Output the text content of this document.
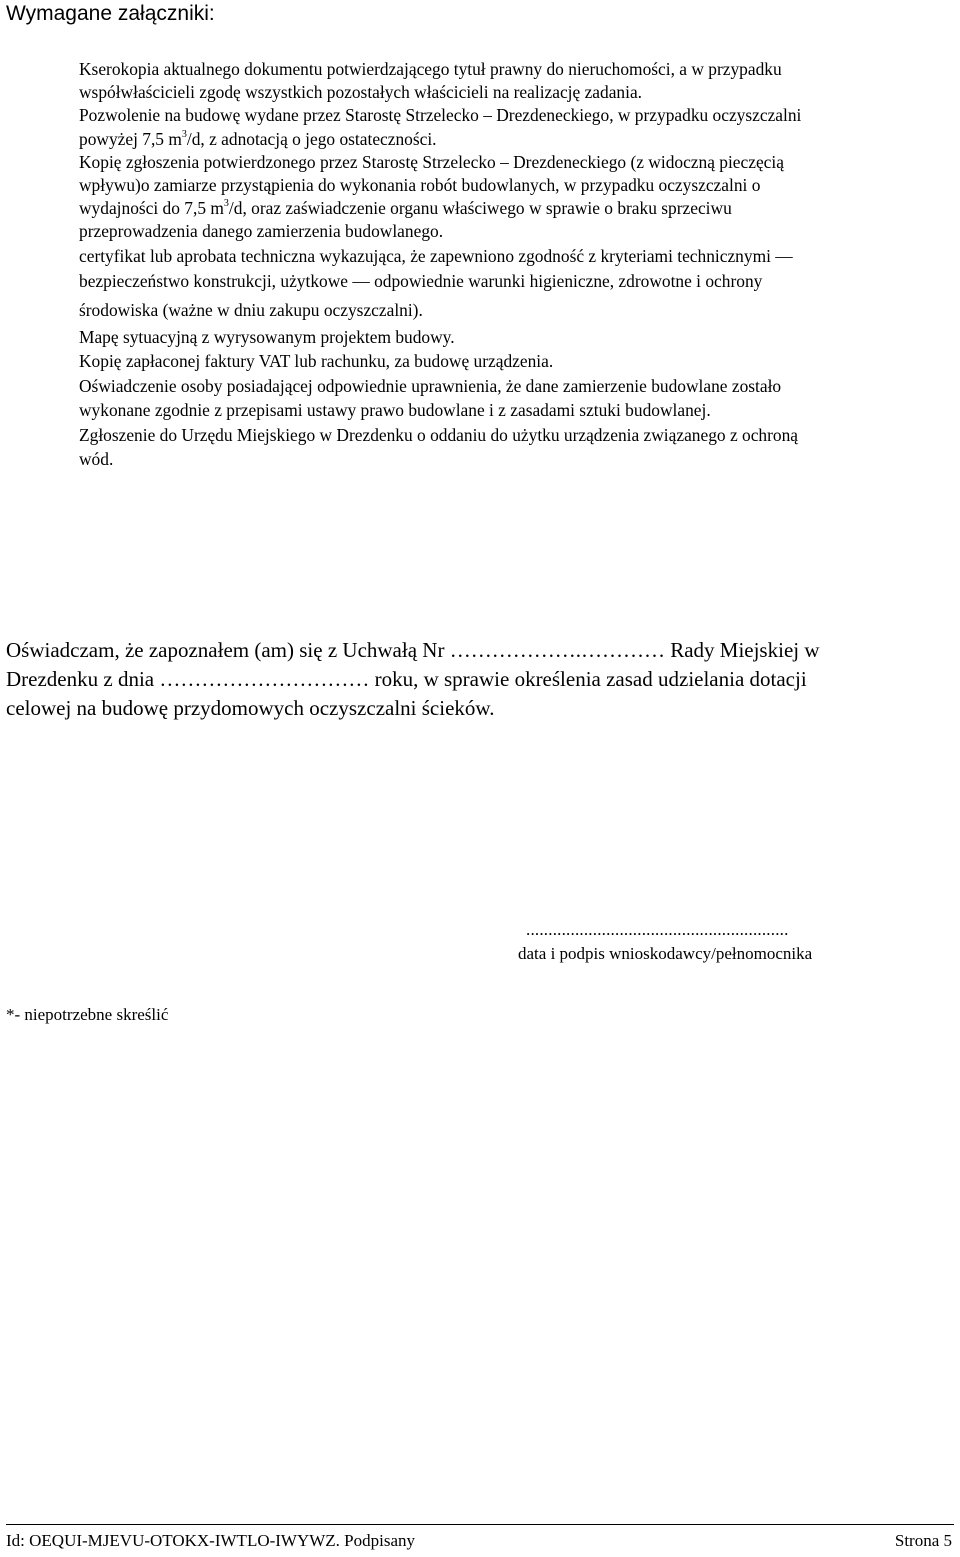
Wymagane załączniki:
Kserokopia aktualnego dokumentu potwierdzającego tytuł prawny do nieruchomości, a w przypadku
współwłaścicieli zgodę wszystkich pozostałych właścicieli na realizację zadania.
Pozwolenie na budowę wydane przez Starostę Strzelecko – Drezdeneckiego, w przypadku oczyszczalni
powyżej 7,5 $m^3/d$, z adnotacją o jego ostateczności.
Kopię zgłoszenia potwierdzonego przez Starostę Strzelecko – Drezdeneckiego (z widoczną pieczęcią
wpływu)o zamiarze przystąpienia do wykonania robót budowlanych, w przypadku oczyszczalni o
wydajności do 7,5 $m^3/d$, oraz zaświadczenie organu właściwego w sprawie o braku sprzeciwu
przeprowadzenia danego zamierzenia budowlanego.
certyfikat lub aprobata techniczna wykazująca, że zapewniono zgodność z kryteriami technicznymi —
bezpieczeństwo konstrukcji, użytkowe — odpowiednie warunki higieniczne, zdrowotne i ochrony
środowiska (ważne w dniu zakupu oczyszczalni).
Mapę sytuacyjną z wyrysowanym projektem budowy.
Kopię zapłaconej faktury VAT lub rachunku, za budowę urządzenia.
Oświadczenie osoby posiadającej odpowiednie uprawnienia, że dane zamierzenie budowlane zostało
wykonane zgodnie z przepisami ustawy prawo budowlane i z zasadami sztuki budowlanej.
Zgłoszenie do Urzędu Miejskiego w Drezdenku o oddaniu do użytku urządzenia związanego z ochroną
wód.
Oświadczam, że zapoznałem (am) się z Uchwałą Nr ……………….………… Rady Miejskiej w
Drezdenku z dnia ………………………… roku, w sprawie określenia zasad udzielania dotacji
celowej na budowę przydomowych oczyszczalni ścieków.
...........................................................
data i podpis wnioskodawcy/pełnomocnika
*- niepotrzebne skreślić
Id: OEQUI-MJEVU-OTOKX-IWTLO-IWYWZ. Podpisany	Strona 5
